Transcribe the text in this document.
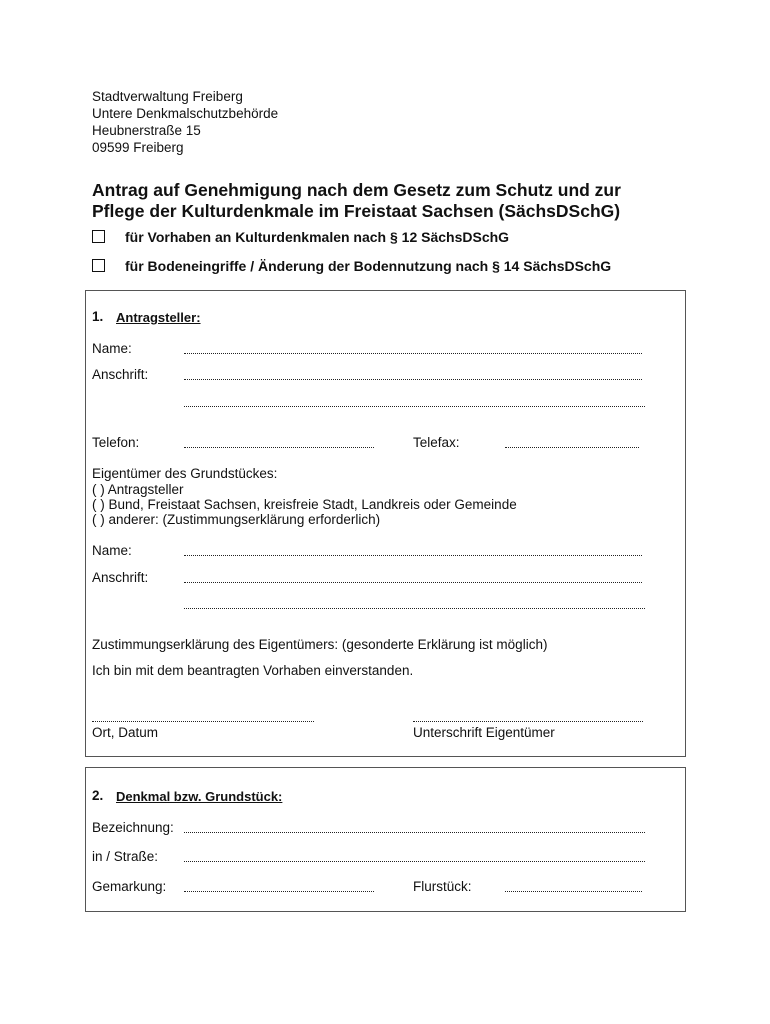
Stadtverwaltung Freiberg
Untere Denkmalschutzbehörde
Heubnerstraße 15
09599 Freiberg
Antrag auf Genehmigung nach dem Gesetz zum Schutz und zur
Pflege der Kulturdenkmale im Freistaat Sachsen (SächsDSchG)
für Vorhaben an Kulturdenkmalen nach § 12 SächsDSchG
für Bodeneingriffe / Änderung der Bodennutzung nach § 14 SächsDSchG
1. Antragsteller:
Name:
Anschrift:
Telefon:	Telefax:
Eigentümer des Grundstückes:
( ) Antragsteller
( ) Bund, Freistaat Sachsen, kreisfreie Stadt, Landkreis oder Gemeinde
( ) anderer: (Zustimmungserklärung erforderlich)
Name:
Anschrift:
Zustimmungserklärung des Eigentümers: (gesonderte Erklärung ist möglich)
Ich bin mit dem beantragten Vorhaben einverstanden.
Ort, Datum	Unterschrift Eigentümer
2. Denkmal bzw. Grundstück:
Bezeichnung:
in / Straße:
Gemarkung:	Flurstück:
